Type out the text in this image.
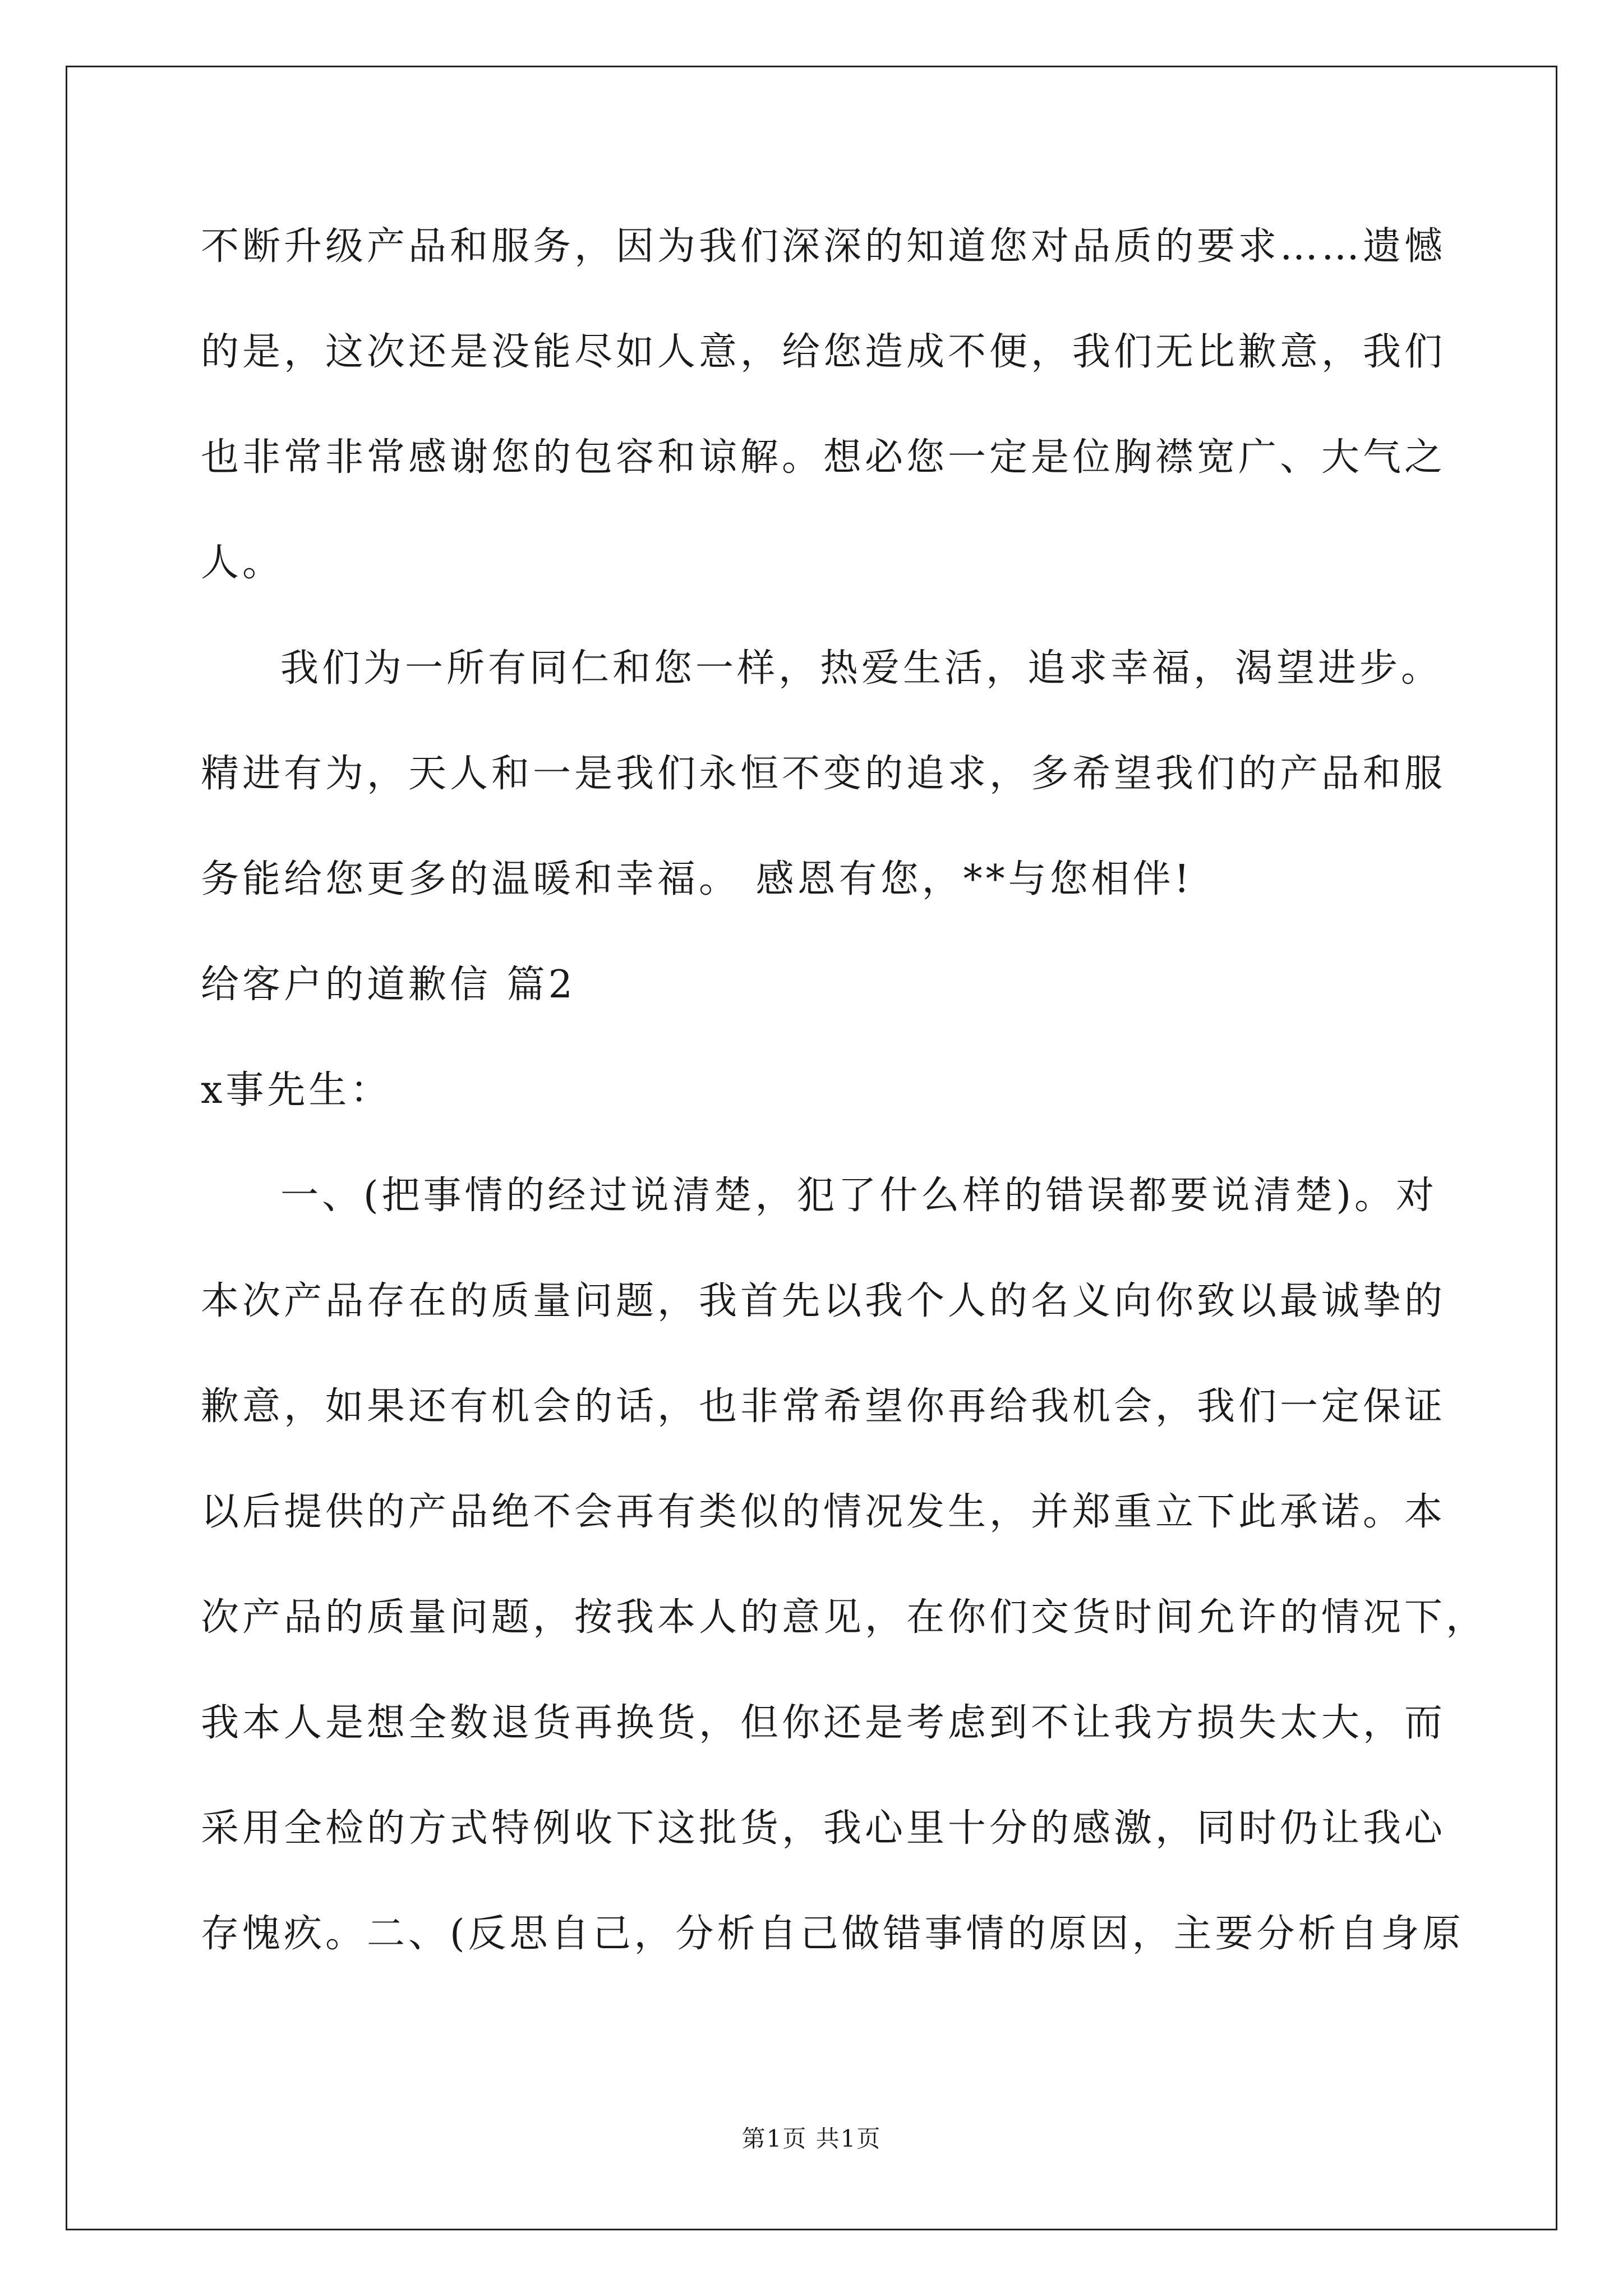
不断升级产品和服务，因为我们深深的知道您对品质的要求……遗憾
的是，这次还是没能尽如人意，给您造成不便，我们无比歉意，我们
也非常非常感谢您的包容和谅解。想必您一定是位胸襟宽广、大气之
人。
我们为一所有同仁和您一样，热爱生活，追求幸福，渴望进步。
精进有为，天人和一是我们永恒不变的追求，多希望我们的产品和服
务能给您更多的温暖和幸福。 感恩有您，**与您相伴!
给客户的道歉信 篇2
x事先生：
一、(把事情的经过说清楚，犯了什么样的错误都要说清楚)。对
本次产品存在的质量问题，我首先以我个人的名义向你致以最诚挚的
歉意，如果还有机会的话，也非常希望你再给我机会，我们一定保证
以后提供的产品绝不会再有类似的情况发生，并郑重立下此承诺。本
次产品的质量问题，按我本人的意见，在你们交货时间允许的情况下，
我本人是想全数退货再换货，但你还是考虑到不让我方损失太大，而
采用全检的方式特例收下这批货，我心里十分的感激，同时仍让我心
存愧疚。二、(反思自己，分析自己做错事情的原因，主要分析自身原
第1页 共1页
